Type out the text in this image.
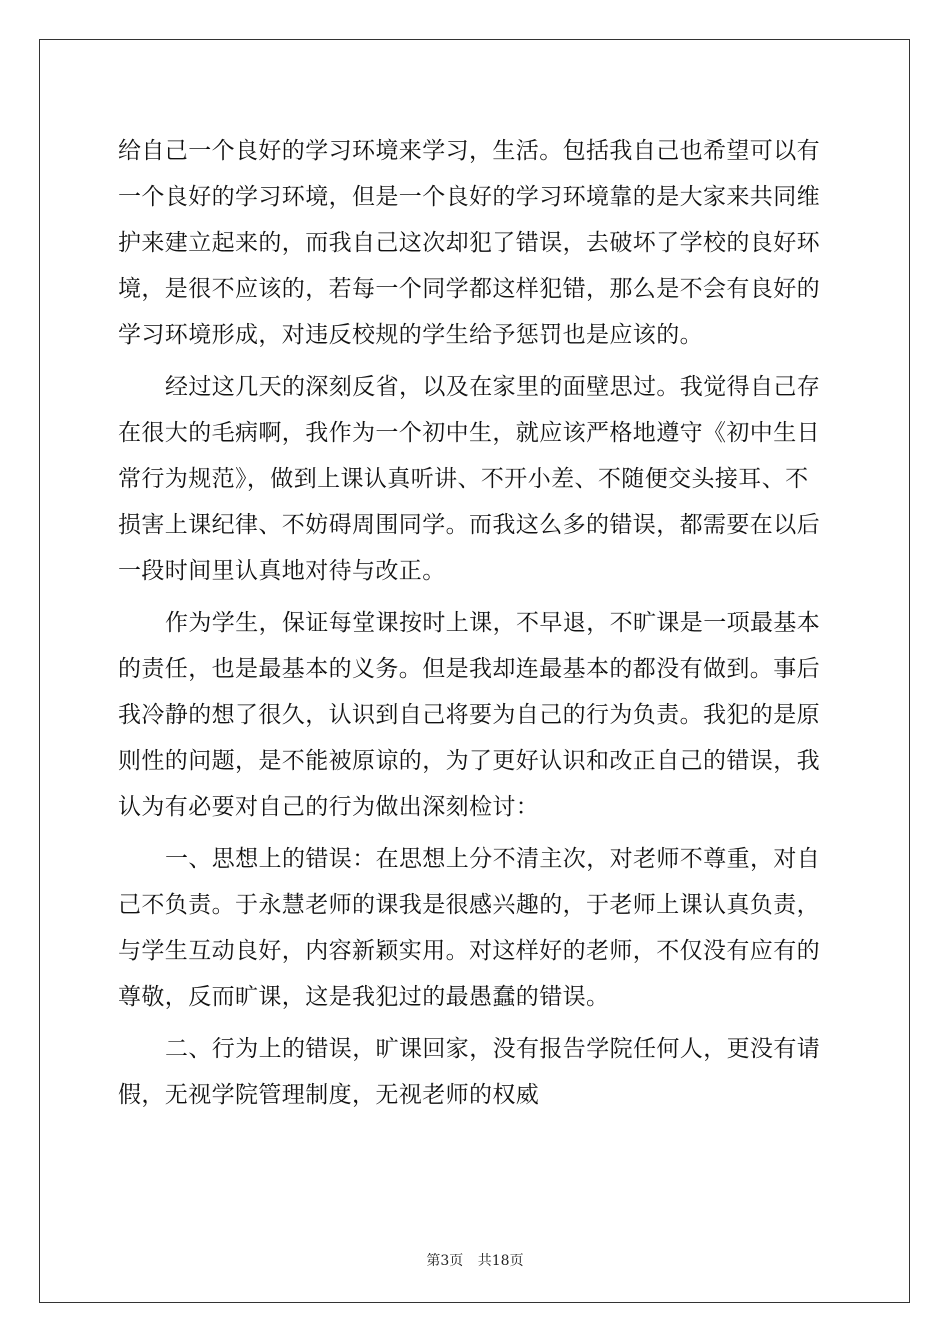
给自己一个良好的学习环境来学习，生活。包括我自己也希望可以有
一个良好的学习环境，但是一个良好的学习环境靠的是大家来共同维
护来建立起来的，而我自己这次却犯了错误，去破坏了学校的良好环
境，是很不应该的，若每一个同学都这样犯错，那么是不会有良好的
学习环境形成，对违反校规的学生给予惩罚也是应该的。
经过这几天的深刻反省，以及在家里的面壁思过。我觉得自己存
在很大的毛病啊，我作为一个初中生，就应该严格地遵守《初中生日
常行为规范》，做到上课认真听讲、不开小差、不随便交头接耳、不
损害上课纪律、不妨碍周围同学。而我这么多的错误，都需要在以后
一段时间里认真地对待与改正。
作为学生，保证每堂课按时上课，不早退，不旷课是一项最基本
的责任，也是最基本的义务。但是我却连最基本的都没有做到。事后
我冷静的想了很久，认识到自己将要为自己的行为负责。我犯的是原
则性的问题，是不能被原谅的，为了更好认识和改正自己的错误，我
认为有必要对自己的行为做出深刻检讨：
一、思想上的错误：在思想上分不清主次，对老师不尊重，对自
己不负责。于永慧老师的课我是很感兴趣的，于老师上课认真负责，
与学生互动良好，内容新颖实用。对这样好的老师，不仅没有应有的
尊敬，反而旷课，这是我犯过的最愚蠢的错误。
二、行为上的错误，旷课回家，没有报告学院任何人，更没有请
假，无视学院管理制度，无视老师的权威
第3页 共18页
